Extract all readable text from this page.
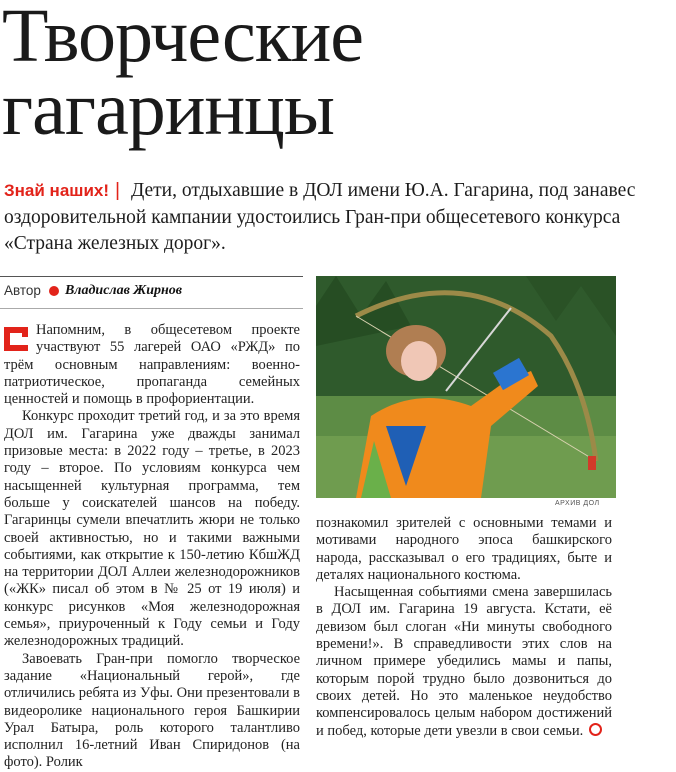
Творческие
гагаринцы

Знай наших! | Дети, отдыхавшие в ДОЛ имени Ю.А. Гагарина, под занавес оздоровительной кампании удостоились Гран-при общесетевого конкурса «Страна железных дорог».

Автор Владислав Жирнов

Напомним, в общесетевом проекте участвуют 55 лагерей ОАО «РЖД» по трём основным направлениям: военно-патриотическое, пропаганда семейных ценностей и помощь в профориентации.

Конкурс проходит третий год, и за это время ДОЛ им. Гагарина уже дважды занимал призовые места: в 2022 году – третье, в 2023 году – второе. По условиям конкурса чем насыщенней культурная программа, тем больше у соискателей шансов на победу. Гагаринцы сумели впечатлить жюри не только своей активностью, но и такими важными событиями, как открытие к 150-летию КбшЖД на территории ДОЛ Аллеи железнодорожников («ЖК» писал об этом в № 25 от 19 июля) и конкурс рисунков «Моя железнодорожная семья», приуроченный к Году семьи и Году железнодорожных традиций.

Завоевать Гран-при помогло творческое задание «Национальный герой», где отличились ребята из Уфы. Они презентовали в видеоролике национального героя Башкирии Урал Батыра, роль которого талантливо исполнил 16-летний Иван Спиридонов (на фото). Ролик

АРХИВ ДОЛ

познакомил зрителей с основными темами и мотивами народного эпоса башкирского народа, рассказывал о его традициях, быте и деталях национального костюма.

Насыщенная событиями смена завершилась в ДОЛ им. Гагарина 19 августа. Кстати, её девизом был слоган «Ни минуты свободного времени!». В справедливости этих слов на личном примере убедились мамы и папы, которым порой трудно было дозвониться до своих детей. Но это маленькое неудобство компенсировалось целым набором достижений и побед, которые дети увезли в свои семьи.
